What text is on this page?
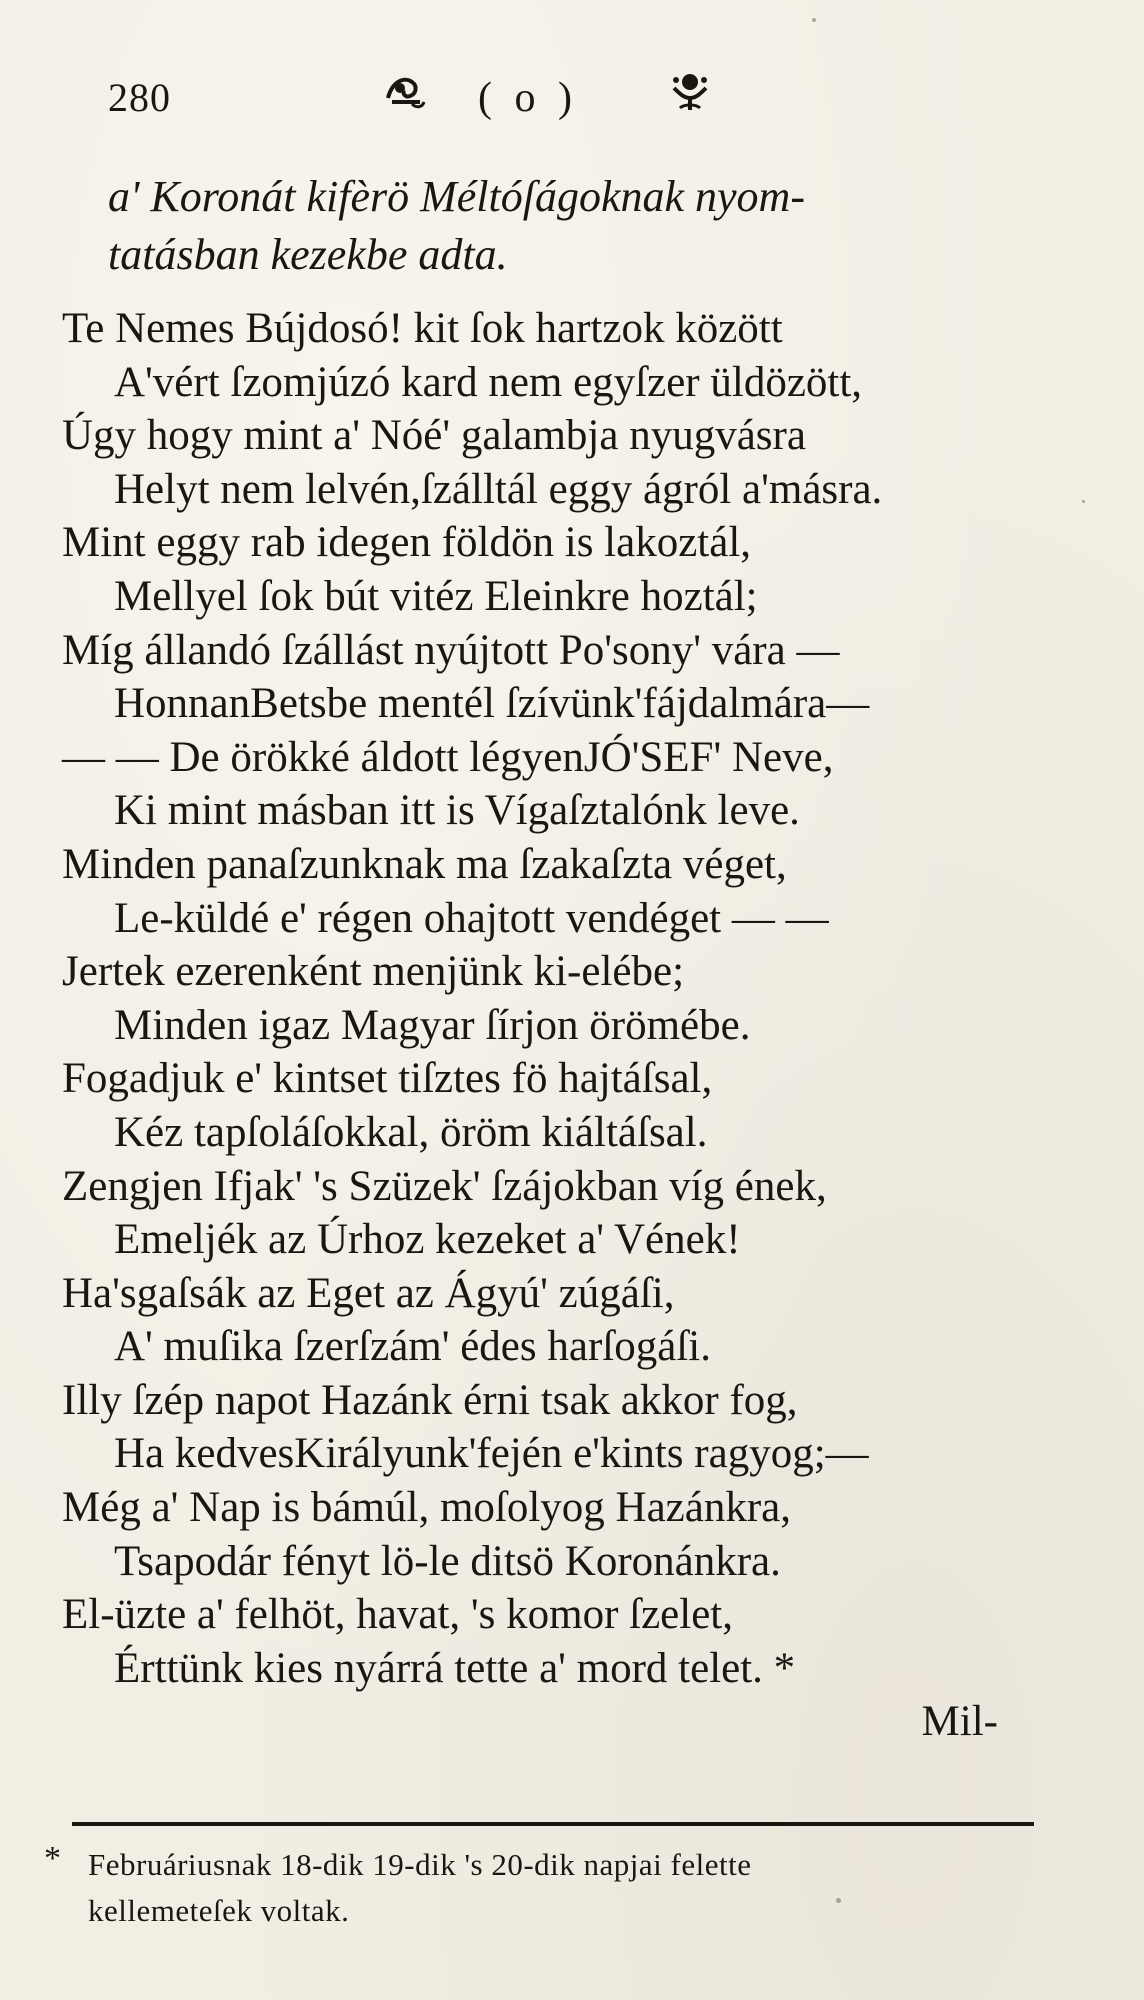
280	( o )
a' Koronát kifèrö Méltóſágoknak nyom-
tatásban kezekbe adta.
Te Nemes Bújdosó! kit ſok hartzok között
A'vért ſzomjúzó kard nem egyſzer üldözött,
Úgy hogy mint a' Nóé' galambja nyugvásra
Helyt nem lelvén,ſzálltál eggy ágról a'másra.
Mint eggy rab idegen földön is lakoztál,
Mellyel ſok bút vitéz Eleinkre hoztál;
Míg állandó ſzállást nyújtott Po'sony' vára —
HonnanBetsbe mentél ſzívünk'fájdalmára—
— — De örökké áldott légyenJÓ'SEF' Neve,
Ki mint másban itt is Vígaſztalónk leve.
Minden panaſzunknak ma ſzakaſzta véget,
Le-küldé e' régen ohajtott vendéget — —
Jertek ezerenként menjünk ki-elébe;
Minden igaz Magyar ſírjon örömébe.
Fogadjuk e' kintset tiſztes fö hajtáſsal,
Kéz tapſoláſokkal, öröm kiáltáſsal.
Zengjen Ifjak' 's Szüzek' ſzájokban víg ének,
Emeljék az Úrhoz kezeket a' Vének!
Ha'sgaſsák az Eget az Ágyú' zúgáſi,
A' muſika ſzerſzám' édes harſogáſi.
Illy ſzép napot Hazánk érni tsak akkor fog,
Ha kedvesKirályunk'fején e'kints ragyog;—
Még a' Nap is bámúl, moſolyog Hazánkra,
Tsapodár fényt lö-le ditsö Koronánkra.
El-üzte a' felhöt, havat, 's komor ſzelet,
Érttünk kies nyárrá tette a' mord telet. *
Mil-
* Februáriusnak 18-dik 19-dik 's 20-dik napjai felette
kellemeteſek voltak.
